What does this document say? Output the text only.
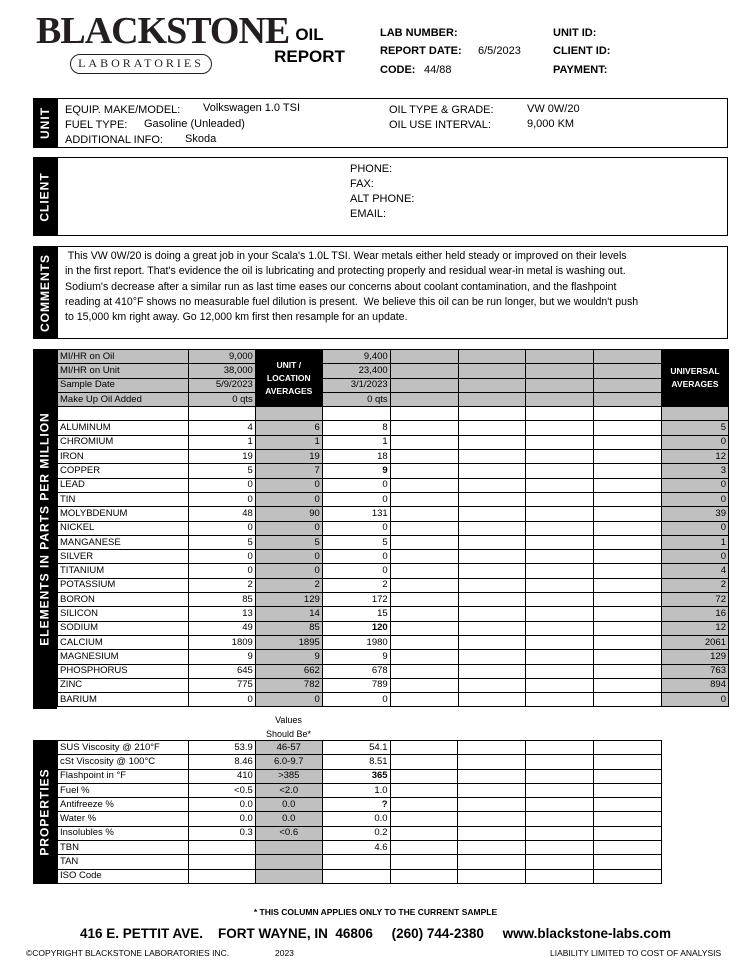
BLACKSTONE
LABORATORIES
OIL
REPORT
LAB NUMBER:
REPORT DATE: 6/5/2023
CODE: 44/88
UNIT ID:
CLIENT ID:
PAYMENT:
UNIT EQUIP. MAKE/MODEL: Volkswagen 1.0 TSI
FUEL TYPE: Gasoline (Unleaded)
ADDITIONAL INFO: Skoda
OIL TYPE & GRADE:	VW 0W/20
OIL USE INTERVAL:	9,000 KM
CLIENT
PHONE:
FAX:
ALT PHONE:
EMAIL:
COMMENTS This VW 0W/20 is doing a great job in your Scala's 1.0L TSI. Wear metals either held steady or improved on their levels
in the first report. That's evidence the oil is lubricating and protecting properly and residual wear-in metal is washing out.
Sodium's decrease after a similar run as last time eases our concerns about coolant contamination, and the flashpoint
reading at 410°F shows no measurable fuel dilution is present.  We believe this oil can be run longer, but we wouldn't push
to 15,000 km right away. Go 12,000 km first then resample for an update.
ELEMENTS IN PARTS PER MILLION
MI/HR on Oil	9,000	UNIT / LOCATION AVERAGES	9,400					UNIVERSAL AVERAGES
MI/HR on Unit	38,000		23,400					
Sample Date	5/9/2023		3/1/2023					
Make Up Oil Added	0 qts		0 qts					

ALUMINUM	4	6	8					5
CHROMIUM	1	1	1					0
IRON	19	19	18					12
COPPER	5	7	9					3
LEAD	0	0	0					0
TIN	0	0	0					0
MOLYBDENUM	48	90	131					39
NICKEL	0	0	0					0
MANGANESE	5	5	5					1
SILVER	0	0	0					0
TITANIUM	0	0	0					4
POTASSIUM	2	2	2					2
BORON	85	129	172					72
SILICON	13	14	15					16
SODIUM	49	85	120					12
CALCIUM	1809	1895	1980					2061
MAGNESIUM	9	9	9					129
PHOSPHORUS	645	662	678					763
ZINC	775	782	789					894
BARIUM	0	0	0					0
Values
Should Be*
PROPERTIES
SUS Viscosity @ 210°F	53.9	46-57	54.1				
cSt Viscosity @ 100°C	8.46	6.0-9.7	8.51				
Flashpoint in °F	410	>385	365				
Fuel %	<0.5	<2.0	1.0				
Antifreeze %	0.0	0.0	?				
Water %	0.0	0.0	0.0				
Insolubles %	0.3	<0.6	0.2				
TBN			4.6				
TAN							
ISO Code							
* THIS COLUMN APPLIES ONLY TO THE CURRENT SAMPLE
416 E. PETTIT AVE.    FORT WAYNE, IN  46806     (260) 744-2380     www.blackstone-labs.com
©COPYRIGHT BLACKSTONE LABORATORIES INC.	2023	LIABILITY LIMITED TO COST OF ANALYSIS
